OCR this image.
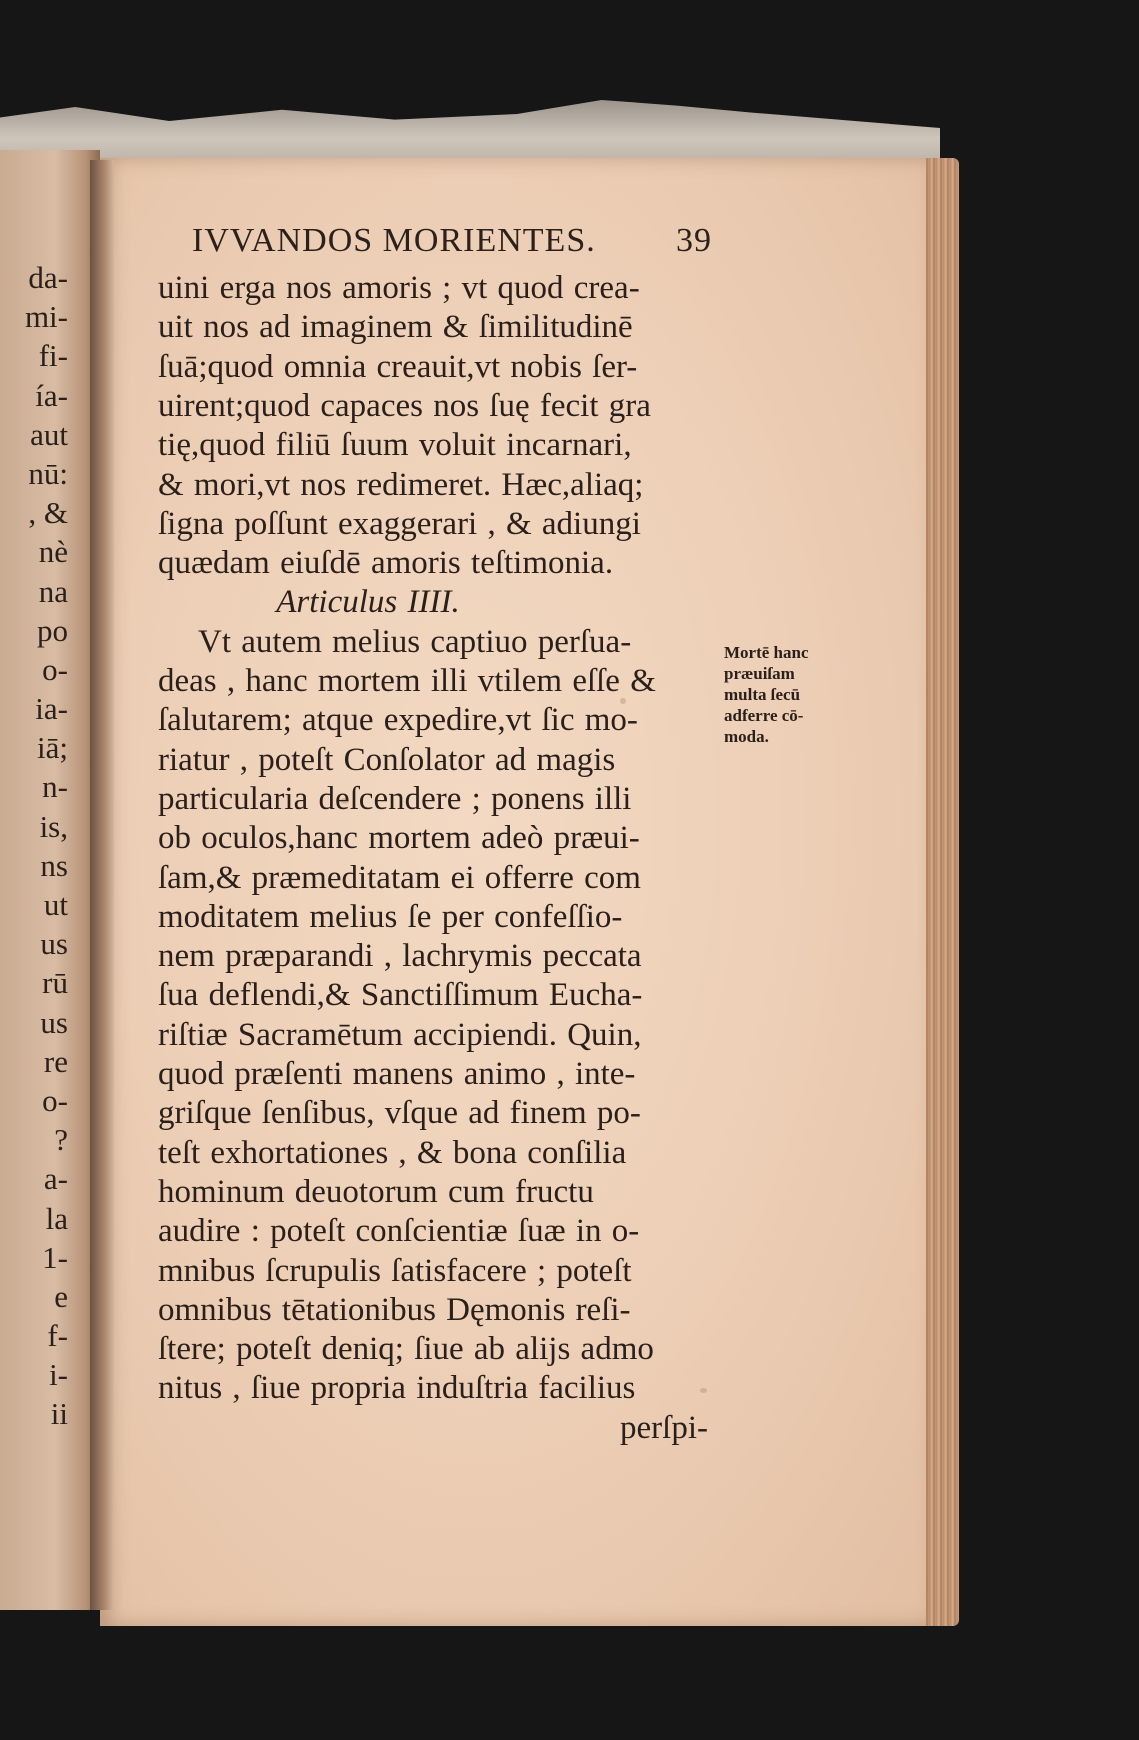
da-
mi-
fi-
ía-
aut
nū:
, &
nè
na
po
o-
ia-
iā;
n-
is,
ns
ut
us
rū
us
re
o-
?
a-
la
1-
e
f-
i-
ii
IVVANDOS MORIENTES. 39
uini erga nos amoris ; vt quod crea-
uit nos ad imaginem & ſimilitudinē
ſuā;quod omnia creauit,vt nobis ſer-
uirent;quod capaces nos ſuę fecit gra
tię,quod filiū ſuum voluit incarnari,
& mori,vt nos redimeret. Hæc,aliaq;
ſigna poſſunt exaggerari , & adiungi
quædam eiuſdē amoris teſtimonia.
Articulus IIII.
Vt autem melius captiuo perſua-
deas , hanc mortem illi vtilem eſſe &
ſalutarem; atque expedire,vt ſic mo-
riatur , poteſt Conſolator ad magis
particularia deſcendere ; ponens illi
ob oculos,hanc mortem adeò præui-
ſam,& præmeditatam ei offerre com
moditatem melius ſe per confeſſio-
nem præparandi , lachrymis peccata
ſua deflendi,& Sanctiſſimum Eucha-
riſtiæ Sacramētum accipiendi. Quin,
quod præſenti manens animo , inte-
griſque ſenſibus, vſque ad finem po-
teſt exhortationes , & bona conſilia
hominum deuotorum cum fructu
audire : poteſt conſcientiæ ſuæ in o-
mnibus ſcrupulis ſatisfacere ; poteſt
omnibus tētationibus Dęmonis reſi-
ſtere; poteſt deniq; ſiue ab alijs admo
nitus , ſiue propria induſtria facilius
perſpi-
Mortē hanc
præuiſam
multa ſecū
adferre cō-
moda.
